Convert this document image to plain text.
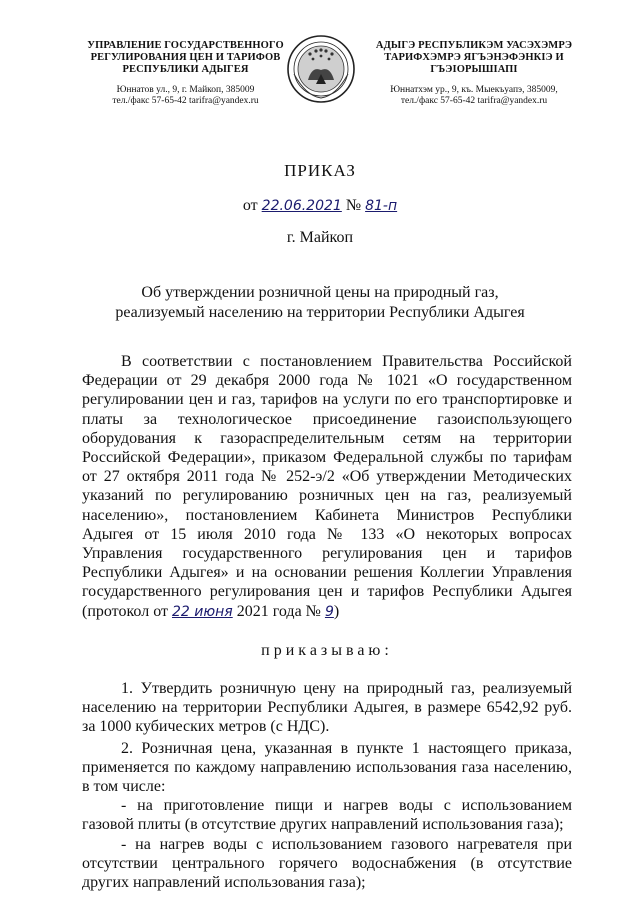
УПРАВЛЕНИЕ ГОСУДАРСТВЕННОГО РЕГУЛИРОВАНИЯ ЦЕН И ТАРИФОВ РЕСПУБЛИКИ АДЫГЕЯ
Юннатов ул., 9, г. Майкоп, 385009
тел./факс 57-65-42 tarifra@yandex.ru
АДЫГЭ РЕСПУБЛИКЭМ УАСЭХЭМРЭ ТАРИФХЭМРЭ ЯГЪЭНЭФЭНКІЭ И ГЪЭІОРЫШІАПІ
Юннатхэм ур., 9, къ. Мыекъуапэ, 385009,
тел./факс 57-65-42 tarifra@yandex.ru
ПРИКАЗ
от 22.06.2021 № 81-п
г. Майкоп
Об утверждении розничной цены на природный газ,
реализуемый населению на территории Республики Адыгея

В соответствии с постановлением Правительства Российской Федерации от 29 декабря 2000 года № 1021 «О государственном регулировании цен и газ, тарифов на услуги по его транспортировке и платы за технологическое присоединение газоиспользующего оборудования к газораспределительным сетям на территории Российской Федерации», приказом Федеральной службы по тарифам от 27 октября 2011 года № 252-э/2 «Об утверждении Методических указаний по регулированию розничных цен на газ, реализуемый населению», постановлением Кабинета Министров Республики Адыгея от 15 июля 2010 года № 133 «О некоторых вопросах Управления государственного регулирования цен и тарифов Республики Адыгея» и на основании решения Коллегии Управления государственного регулирования цен и тарифов Республики Адыгея (протокол от 22 июня 2021 года № 9)

приказываю:

1. Утвердить розничную цену на природный газ, реализуемый населению на территории Республики Адыгея, в размере 6542,92 руб. за 1000 кубических метров (с НДС).

2. Розничная цена, указанная в пункте 1 настоящего приказа, применяется по каждому направлению использования газа населению, в том числе:

- на приготовление пищи и нагрев воды с использованием газовой плиты (в отсутствие других направлений использования газа);

- на нагрев воды с использованием газового нагревателя при отсутствии центрального горячего водоснабжения (в отсутствие других направлений использования газа);
